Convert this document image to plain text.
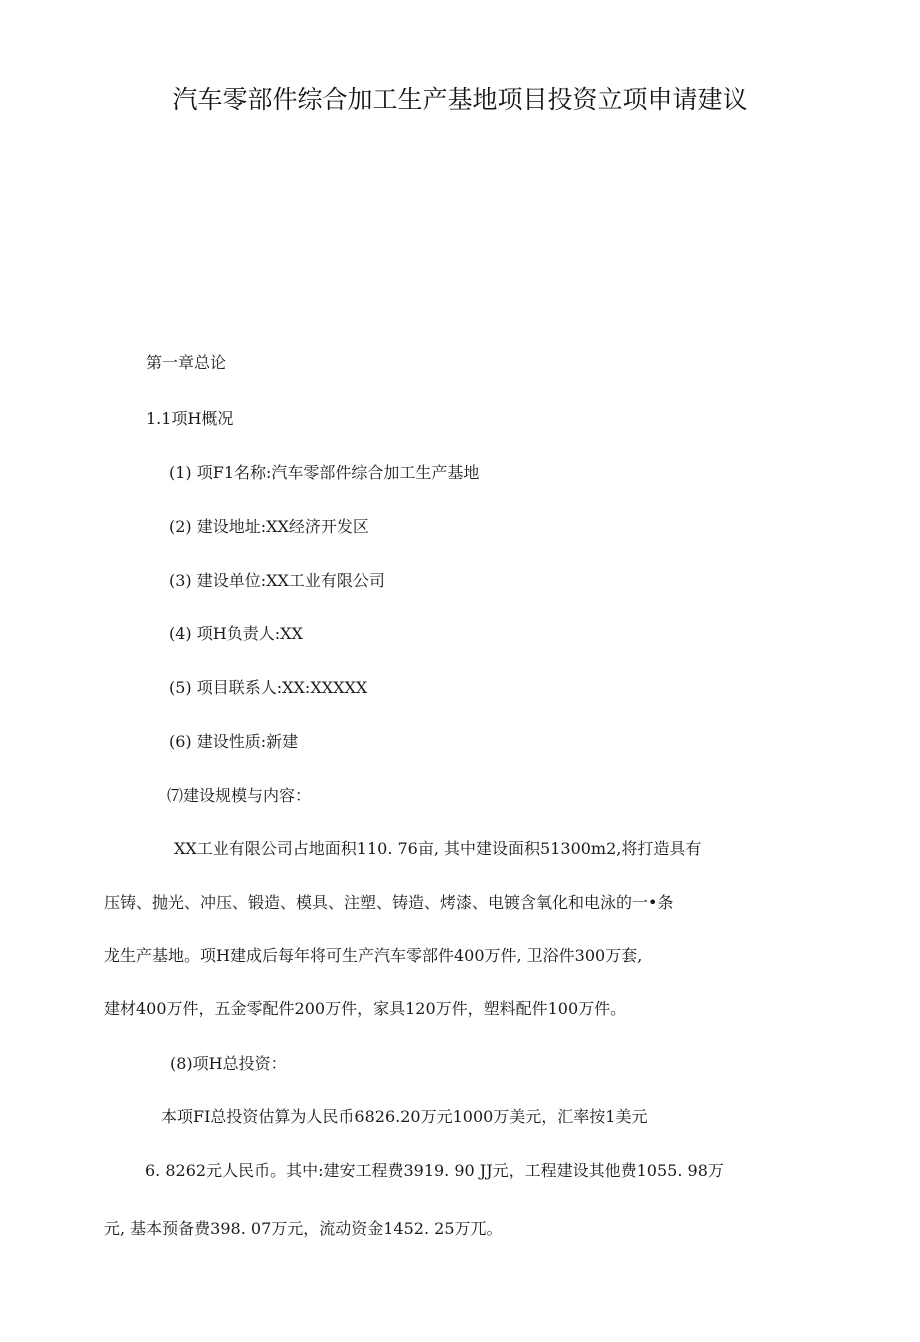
汽车零部件综合加工生产基地项目投资立项申请建议
第一章总论
1.1项H概况
(1) 项F1名称:汽车零部件综合加工生产基地
(2) 建设地址:XX经济开发区
(3) 建设单位:XX工业有限公司
(4) 项H负责人:XX
(5) 项目联系人:XX:XXXXX
(6) 建设性质:新建
⑺建设规模与内容：
XX工业有限公司占地面积110. 76亩, 其中建设面积51300m2,将打造具有
压铸、抛光、冲压、锻造、模具、注塑、铸造、烤漆、电镀含氧化和电泳的一•条
龙生产基地。项H建成后每年将可生产汽车零部件400万件, 卫浴件300万套,
建材400万件，五金零配件200万件，家具120万件，塑料配件100万件。
(8)项H总投资：
本项FI总投资估算为人民币6826.20万元1000万美元，汇率按1美元
6. 8262元人民币。其中:建安工程费3919. 90 JJ元，工程建设其他费1055. 98万
元, 基本预备费398. 07万元，流动资金1452. 25万兀。
